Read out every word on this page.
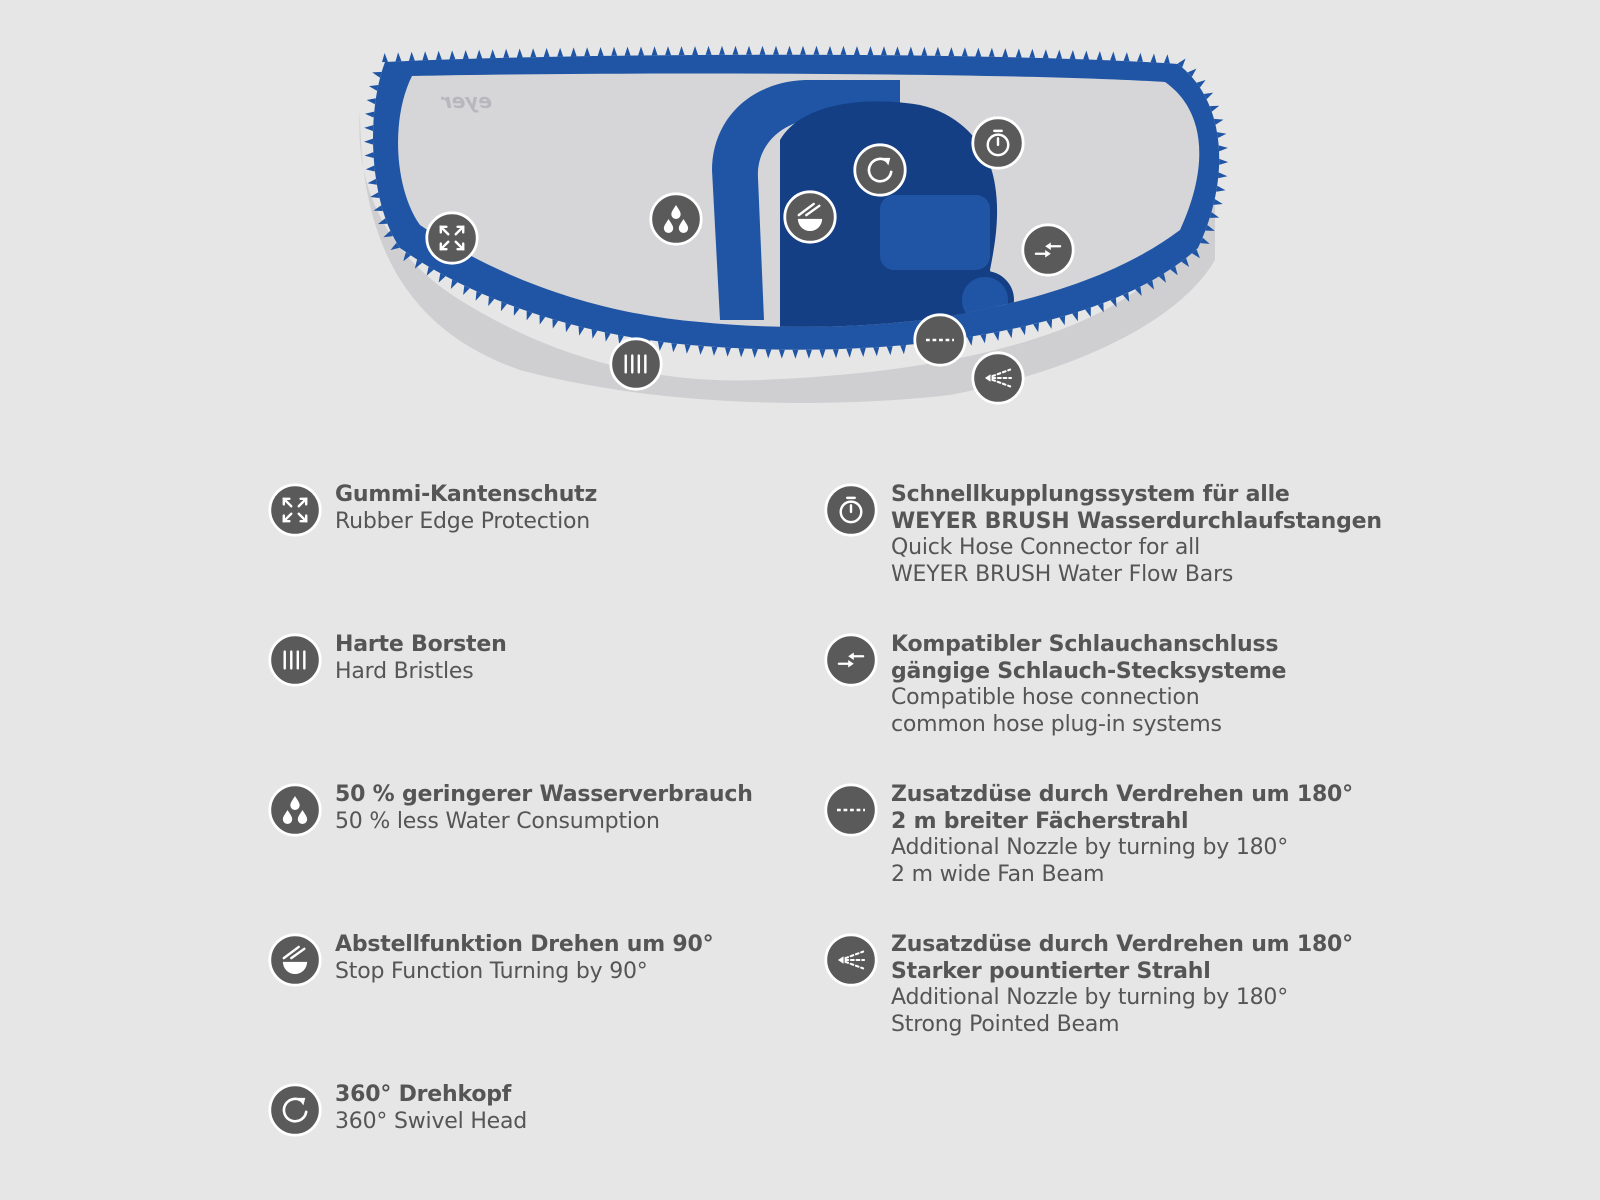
eyer
Gummi-Kantenschutz
Rubber Edge Protection
Harte Borsten
Hard Bristles
50 % geringerer Wasserverbrauch
50 % less Water Consumption
Abstellfunktion Drehen um 90°
Stop Function Turning by 90°
360° Drehkopf
360° Swivel Head
Schnellkupplungssystem für alle
WEYER BRUSH Wasserdurchlaufstangen
Quick Hose Connector for all
WEYER BRUSH Water Flow Bars
Kompatibler Schlauchanschluss
gängige Schlauch-Stecksysteme
Compatible hose connection
common hose plug-in systems
Zusatzdüse durch Verdrehen um 180°
2 m breiter Fächerstrahl
Additional Nozzle by turning by 180°
2 m wide Fan Beam
Zusatzdüse durch Verdrehen um 180°
Starker pountierter Strahl
Additional Nozzle by turning by 180°
Strong Pointed Beam
